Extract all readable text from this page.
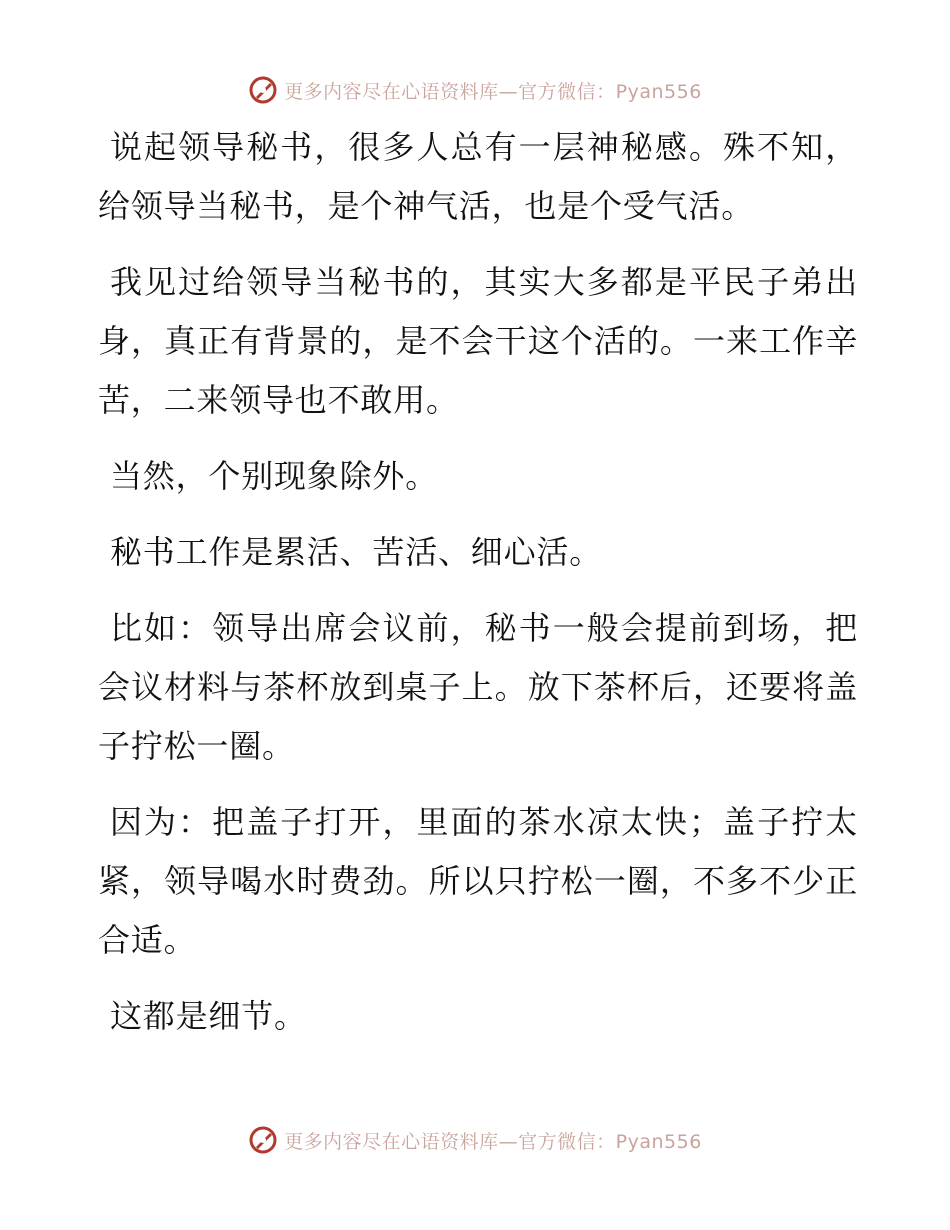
更多内容尽在心语资料库—官方微信：Pyan556

说起领导秘书，很多人总有一层神秘感。殊不知，给领导当秘书，是个神气活，也是个受气活。

我见过给领导当秘书的，其实大多都是平民子弟出身，真正有背景的，是不会干这个活的。一来工作辛苦，二来领导也不敢用。

当然，个别现象除外。

秘书工作是累活、苦活、细心活。

比如：领导出席会议前，秘书一般会提前到场，把会议材料与茶杯放到桌子上。放下茶杯后，还要将盖子拧松一圈。

因为：把盖子打开，里面的茶水凉太快；盖子拧太紧，领导喝水时费劲。所以只拧松一圈，不多不少正合适。

这都是细节。

更多内容尽在心语资料库—官方微信：Pyan556
